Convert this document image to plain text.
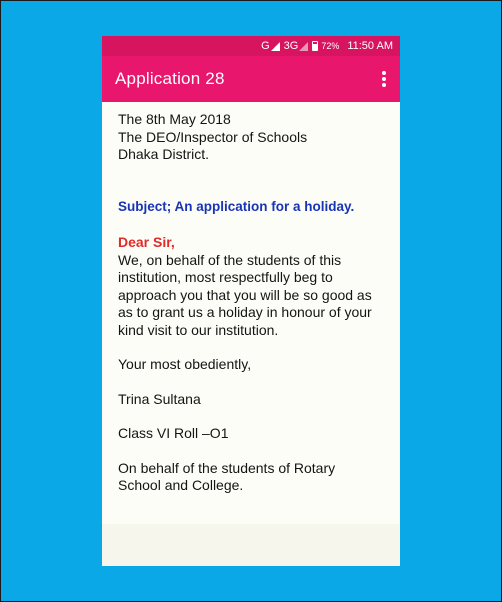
G 3G	72% 11:50 AM
Application 28
The 8th May 2018
The DEO/Inspector of Schools
Dhaka District.
Subject; An application for a holiday.
Dear Sir,
We, on behalf of the students of this
institution, most respectfully beg to
approach you that you will be so good as
as to grant us a holiday in honour of your
kind visit to our institution.
Your most obediently,
Trina Sultana
Class VI Roll –O1
On behalf of the students of Rotary
School and College.
